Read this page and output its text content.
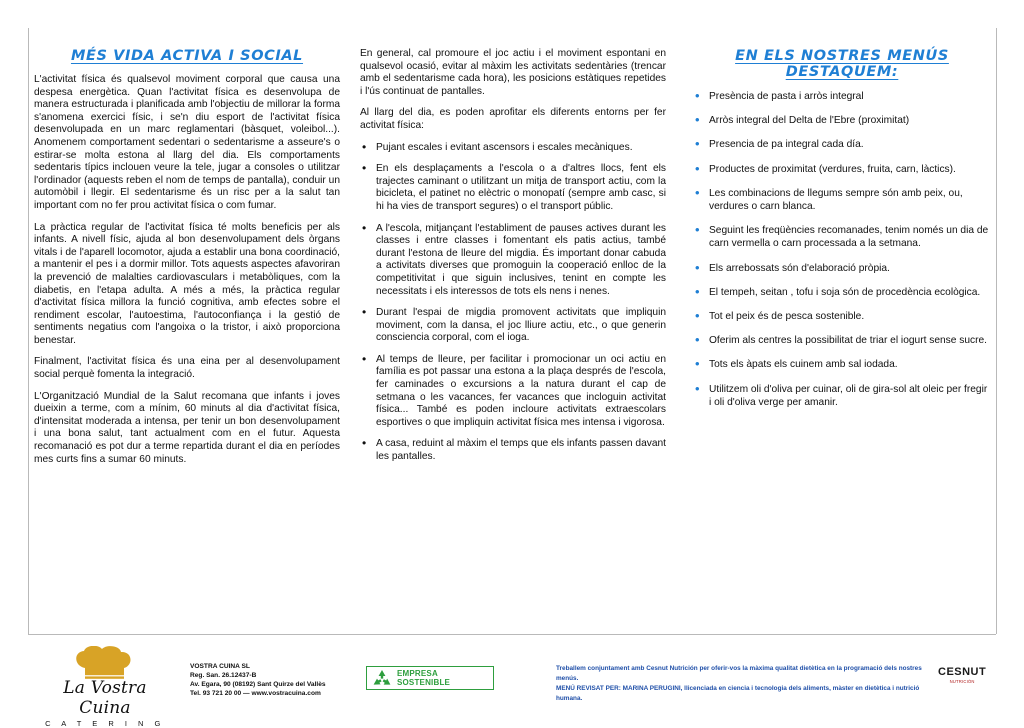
MÉS VIDA ACTIVA I SOCIAL

L'activitat física és qualsevol moviment corporal que causa una despesa energètica. Quan l'activitat física es desenvolupa de manera estructurada i planificada amb l'objectiu de millorar la forma s'anomena exercici físic, i se'n diu esport de l'activitat física desenvolupada en un marc reglamentari (bàsquet, voleibol...). Anomenem comportament sedentari o sedentarisme a asseure's o estirar-se molta estona al llarg del dia. Els comportaments sedentaris típics inclouen veure la tele, jugar a consoles o utilitzar l'ordinador (aquests reben el nom de temps de pantalla), conduir un automòbil i llegir. El sedentarisme és un risc per a la salut tan important com no fer prou activitat física o com fumar.

La pràctica regular de l'activitat física té molts beneficis per als infants. A nivell físic, ajuda al bon desenvolupament dels òrgans vitals i de l'aparell locomotor, ajuda a establir una bona coordinació, a mantenir el pes i a dormir millor. Tots aquests aspectes afavoriran la prevenció de malalties cardiovasculars i metabòliques, com la diabetis, en l'etapa adulta. A més a més, la pràctica regular d'activitat física millora la funció cognitiva, amb efectes sobre el rendiment escolar, l'autoestima, l'autoconfiança i la gestió de sentiments negatius com l'angoixa o la tristor, i això proporciona benestar.

Finalment, l'activitat física és una eina per al desenvolupament social perquè fomenta la integració.

L'Organització Mundial de la Salut recomana que infants i joves dueixin a terme, com a mínim, 60 minuts al dia d'activitat física, d'intensitat moderada a intensa, per tenir un bon desenvolupament i una bona salut, tant actualment com en el futur. Aquesta recomanació es pot dur a terme repartida durant el dia en períodes mes curts fins a sumar 60 minuts.

En general, cal promoure el joc actiu i el moviment espontani en qualsevol ocasió, evitar al màxim les activitats sedentàries (trencar amb el sedentarisme cada hora), les posicions estàtiques repetides i l'ús continuat de pantalles.

Al llarg del dia, es poden aprofitar els diferents entorns per fer activitat física:

• Pujant escales i evitant ascensors i escales mecàniques.
• En els desplaçaments a l'escola o a d'altres llocs, fent els trajectes caminant o utilitzant un mitja de transport actiu, com la bicicleta, el patinet no elèctric o monopatí (sempre amb casc, si hi ha vies de transport segures) o el transport públic.
• A l'escola, mitjançant l'establiment de pauses actives durant les classes i entre classes i fomentant els patis actius, també durant l'estona de lleure del migdia. És important donar cabuda a activitats diverses que promoguin la cooperació enlloc de la competitivitat i que siguin inclusives, tenint en compte les necessitats i els interessos de tots els nens i nenes.
• Durant l'espai de migdia promovent activitats que impliquin moviment, com la dansa, el joc lliure actiu, etc., o que generin consciencia corporal, com el ioga.
• Al temps de lleure, per facilitar i promocionar un oci actiu en família es pot passar una estona a la plaça després de l'escola, fer caminades o excursions a la natura durant el cap de setmana o les vacances, fer vacances que incloguin activitat física... També es poden incloure activitats extraescolars esportives o que impliquin activitat física mes intensa i vigorosa.
• A casa, reduint al màxim el temps que els infants passen davant les pantalles.
EN ELS NOSTRES MENÚS DESTAQUEM:
• Presència de pasta i arròs integral
• Arròs integral del Delta de l'Ebre (proximitat)
• Presencia de pa integral cada día.
• Productes de proximitat (verdures, fruita, carn, làctics).
• Les combinacions de llegums sempre són amb peix, ou, verdures o carn blanca.
• Seguint les freqüències recomanades, tenim només un dia de carn vermella o carn processada a la setmana.
• Els arrebossats són d'elaboració pròpia.
• El tempeh, seitan , tofu i soja són de procedència ecològica.
• Tot el peix és de pesca sostenible.
• Oferim als centres la possibilitat de triar el iogurt sense sucre.
• Tots els àpats els cuinem amb sal iodada.
• Utilitzem oli d'oliva per cuinar, oli de gira-sol alt oleic per fregir i oli d'oliva verge per amanir.
La Vostra Cuina
C A T E R I N G
VOSTRA CUINA SL
Reg. San. 26.12437-B
Av. Egara, 90 (08192) Sant Quirze del Vallès
Tel. 93 721 20 00 — www.vostracuina.com
EMPRESA SOSTENIBLE
Treballem conjuntament amb Cesnut Nutrición per oferir-vos la màxima qualitat dietètica en la programació dels nostres menús.
MENÚ REVISAT PER: MARINA PERUGINI, llicenciada en ciencia i tecnologia dels aliments, màster en dietètica i nutrició humana.
CESNUT
NUTRICIÓN
